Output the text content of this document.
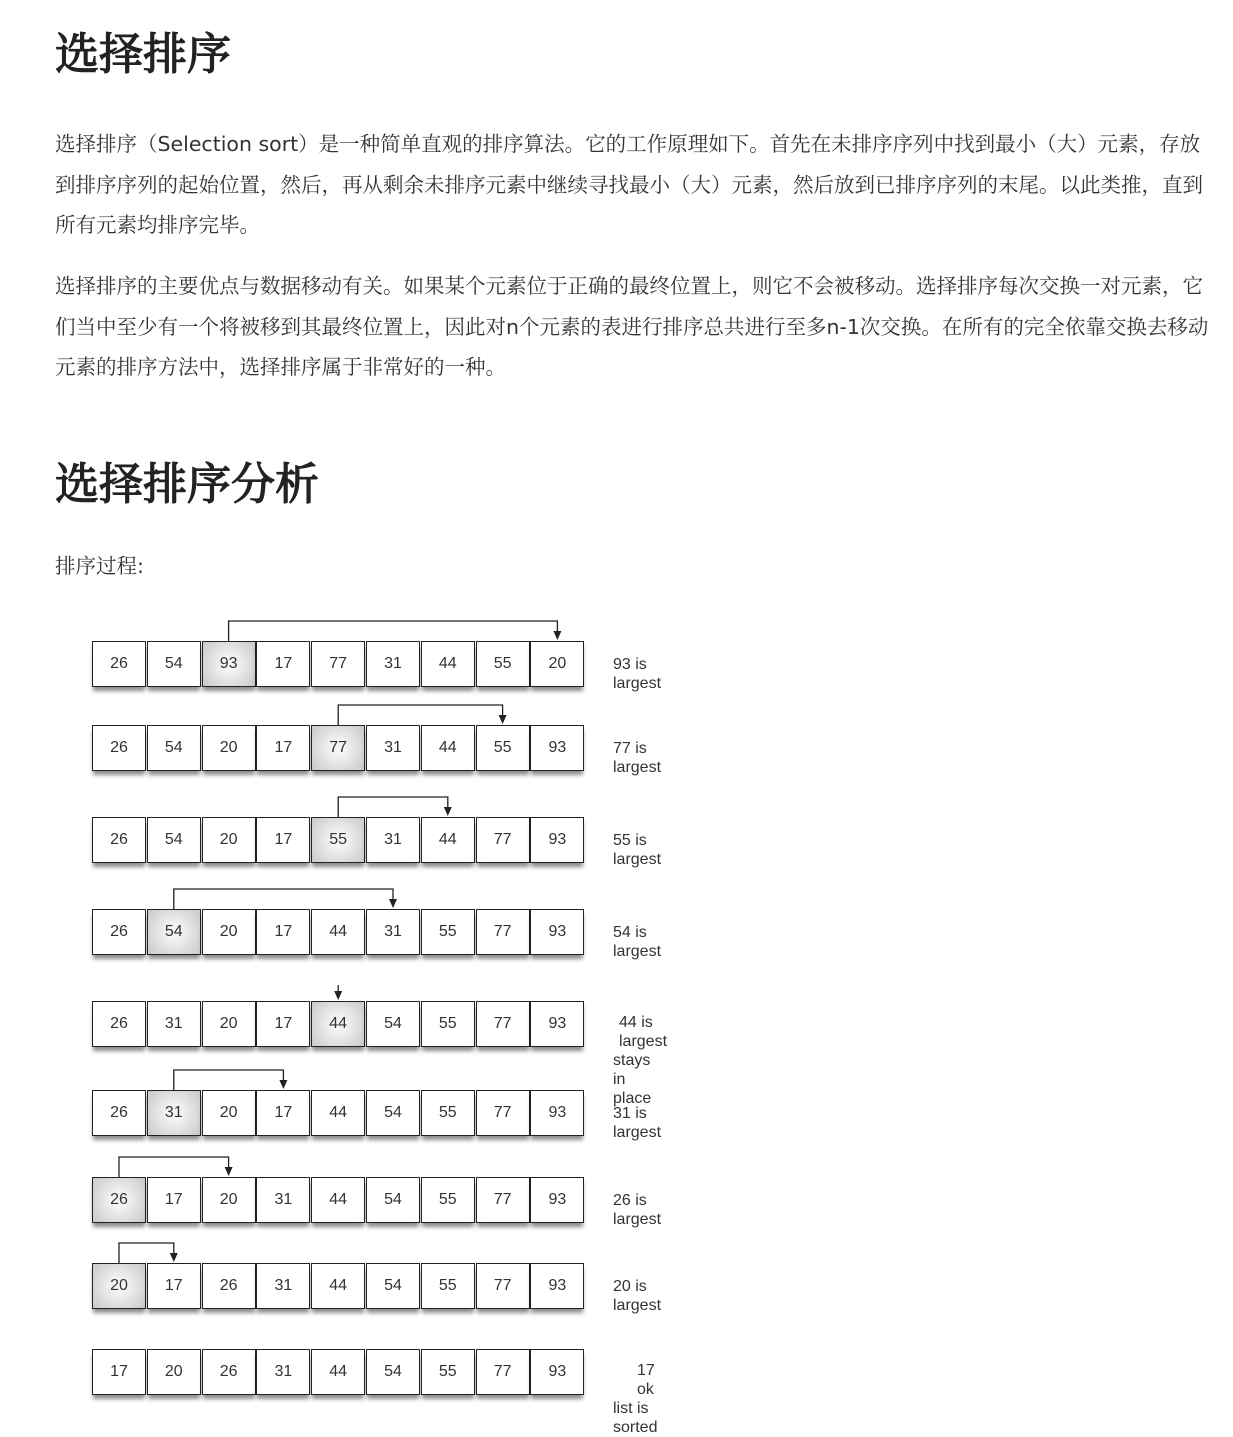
选择排序

选择排序（Selection sort）是一种简单直观的排序算法。它的工作原理如下。首先在未排序序列中找到最小（大）元素，存放到排序序列的起始位置，然后，再从剩余未排序元素中继续寻找最小（大）元素，然后放到已排序序列的末尾。以此类推，直到所有元素均排序完毕。

选择排序的主要优点与数据移动有关。如果某个元素位于正确的最终位置上，则它不会被移动。选择排序每次交换一对元素，它们当中至少有一个将被移到其最终位置上，因此对n个元素的表进行排序总共进行至多n-1次交换。在所有的完全依靠交换去移动元素的排序方法中，选择排序属于非常好的一种。

选择排序分析

排序过程:

26	54	93	17	77	31	44	55	20	93 is largest
26	54	20	17	77	31	44	55	93	77 is largest
26	54	20	17	55	31	44	77	93	55 is largest
26	54	20	17	44	31	55	77	93	54 is largest
26	31	20	17	44	54	55	77	93	44 is largest
stays in place
26	31	20	17	44	54	55	77	93	31 is largest
26	17	20	31	44	54	55	77	93	26 is largest
20	17	26	31	44	54	55	77	93	20 is largest
17	20	26	31	44	54	55	77	93	17 ok
list is sorted
